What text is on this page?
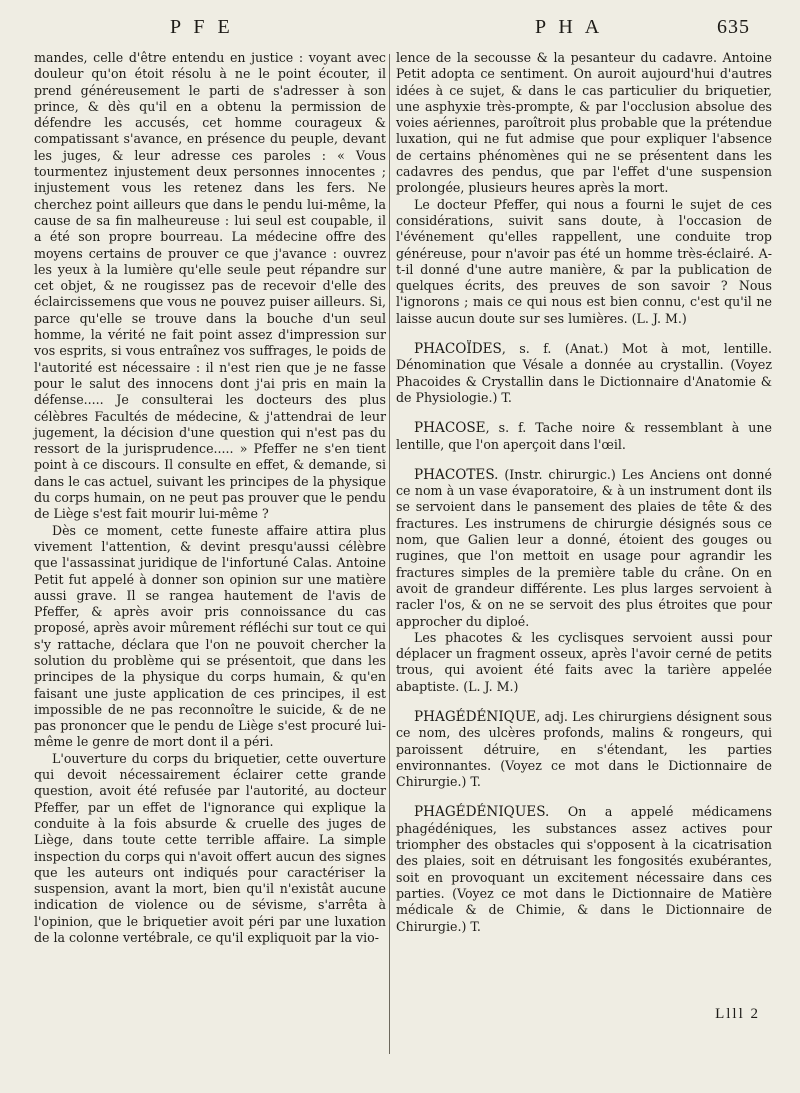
P F E	P H A	635

mandes, celle d'être entendu en justice : voyant avec douleur qu'on étoit résolu à ne le point écouter, il prend généreusement le parti de s'adresser à son prince, & dès qu'il en a obtenu la permission de défendre les accusés, cet homme courageux & compatissant s'avance, en présence du peuple, devant les juges, & leur adresse ces paroles : « Vous tourmentez injustement deux personnes innocentes ; injustement vous les retenez dans les fers. Ne cherchez point ailleurs que dans le pendu lui-même, la cause de sa fin malheureuse : lui seul est coupable, il a été son propre bourreau. La médecine offre des moyens certains de prouver ce que j'avance : ouvrez les yeux à la lumière qu'elle seule peut répandre sur cet objet, & ne rougissez pas de recevoir d'elle des éclaircissemens que vous ne pouvez puiser ailleurs. Si, parce qu'elle se trouve dans la bouche d'un seul homme, la vérité ne fait point assez d'impression sur vos esprits, si vous entraînez vos suffrages, le poids de l'autorité est nécessaire : il n'est rien que je ne fasse pour le salut des innocens dont j'ai pris en main la défense..... Je consulterai les docteurs des plus célèbres Facultés de médecine, & j'attendrai de leur jugement, la décision d'une question qui n'est pas du ressort de la jurisprudence..... » Pfeffer ne s'en tient point à ce discours. Il consulte en effet, & demande, si dans le cas actuel, suivant les principes de la physique du corps humain, on ne peut pas prouver que le pendu de Liège s'est fait mourir lui-même ?

Dès ce moment, cette funeste affaire attira plus vivement l'attention, & devint presqu'aussi célèbre que l'assassinat juridique de l'infortuné Calas. Antoine Petit fut appelé à donner son opinion sur une matière aussi grave. Il se rangea hautement de l'avis de Pfeffer, & après avoir pris connoissance du cas proposé, après avoir mûrement réfléchi sur tout ce qui s'y rattache, déclara que l'on ne pouvoit chercher la solution du problème qui se présentoit, que dans les principes de la physique du corps humain, & qu'en faisant une juste application de ces principes, il est impossible de ne pas reconnoître le suicide, & de ne pas prononcer que le pendu de Liège s'est procuré lui-même le genre de mort dont il a péri.

L'ouverture du corps du briquetier, cette ouverture qui devoit nécessairement éclairer cette grande question, avoit été refusée par l'autorité, au docteur Pfeffer, par un effet de l'ignorance qui explique la conduite à la fois absurde & cruelle des juges de Liège, dans toute cette terrible affaire. La simple inspection du corps qui n'avoit offert aucun des signes que les auteurs ont indiqués pour caractériser la suspension, avant la mort, bien qu'il n'existât aucune indication de violence ou de sévisme, s'arrêta à l'opinion, que le briquetier avoit péri par une luxation de la colonne vertébrale, ce qu'il expliquoit par la vio-

lence de la secousse & la pesanteur du cadavre. Antoine Petit adopta ce sentiment. On auroit aujourd'hui d'autres idées à ce sujet, & dans le cas particulier du briquetier, une asphyxie très-prompte, & par l'occlusion absolue des voies aériennes, paroîtroit plus probable que la prétendue luxation, qui ne fut admise que pour expliquer l'absence de certains phénomènes qui ne se présentent dans les cadavres des pendus, que par l'effet d'une suspension prolongée, plusieurs heures après la mort.

Le docteur Pfeffer, qui nous a fourni le sujet de ces considérations, suivit sans doute, à l'occasion de l'événement qu'elles rappellent, une conduite trop généreuse, pour n'avoir pas été un homme très-éclairé. A-t-il donné d'une autre manière, & par la publication de quelques écrits, des preuves de son savoir ? Nous l'ignorons ; mais ce qui nous est bien connu, c'est qu'il ne laisse aucun doute sur ses lumières. (L. J. M.)

PHACOÏDES, s. f. (Anat.) Mot à mot, lentille. Dénomination que Vésale a donnée au crystallin. (Voyez Phacoides & Crystallin dans le Dictionnaire d'Anatomie & de Physiologie.) T.

PHACOSE, s. f. Tache noire & ressemblant à une lentille, que l'on aperçoit dans l'œil.

PHACOTES. (Instr. chirurgic.) Les Anciens ont donné ce nom à un vase évaporatoire, & à un instrument dont ils se servoient dans le pansement des plaies de tête & des fractures. Les instrumens de chirurgie désignés sous ce nom, que Galien leur a donné, étoient des gouges ou rugines, que l'on mettoit en usage pour agrandir les fractures simples de la première table du crâne. On en avoit de grandeur différente. Les plus larges servoient à racler l'os, & on ne se servoit des plus étroites que pour approcher du diploé.

Les phacotes & les cyclisques servoient aussi pour déplacer un fragment osseux, après l'avoir cerné de petits trous, qui avoient été faits avec la tarière appelée abaptiste. (L. J. M.)

PHAGÉDÉNIQUE, adj. Les chirurgiens désignent sous ce nom, des ulcères profonds, malins & rongeurs, qui paroissent détruire, en s'étendant, les parties environnantes. (Voyez ce mot dans le Dictionnaire de Chirurgie.) T.

PHAGÉDÉNIQUES. On a appelé médicamens phagédéniques, les substances assez actives pour triompher des obstacles qui s'opposent à la cicatrisation des plaies, soit en détruisant les fongosités exubérantes, soit en provoquant un excitement nécessaire dans ces parties. (Voyez ce mot dans le Dictionnaire de Matière médicale & de Chimie, & dans le Dictionnaire de Chirurgie.) T.

Llll 2
